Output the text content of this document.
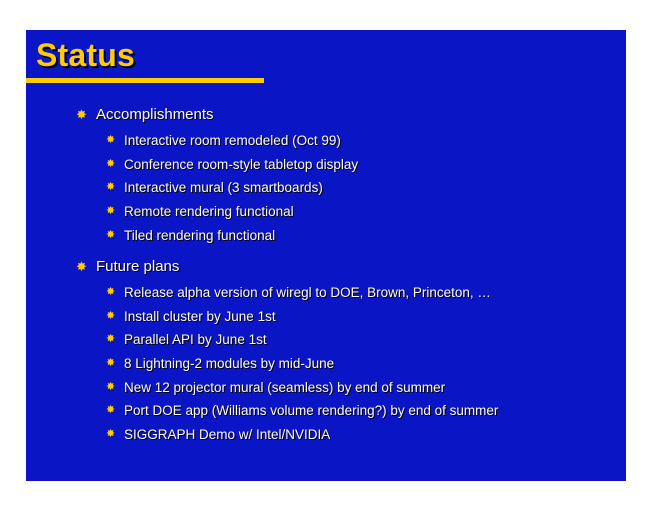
Status
✸ Accomplishments
✸ Interactive room remodeled (Oct 99)
✸ Conference room-style tabletop display
✸ Interactive mural (3 smartboards)
✸ Remote rendering functional
✸ Tiled rendering functional
✸ Future plans
✸ Release alpha version of wiregl to DOE, Brown, Princeton, …
✸ Install cluster by June 1st
✸ Parallel API by June 1st
✸ 8 Lightning-2 modules by mid-June
✸ New 12 projector mural (seamless) by end of summer
✸ Port DOE app (Williams volume rendering?) by end of summer
✸ SIGGRAPH Demo w/ Intel/NVIDIA
